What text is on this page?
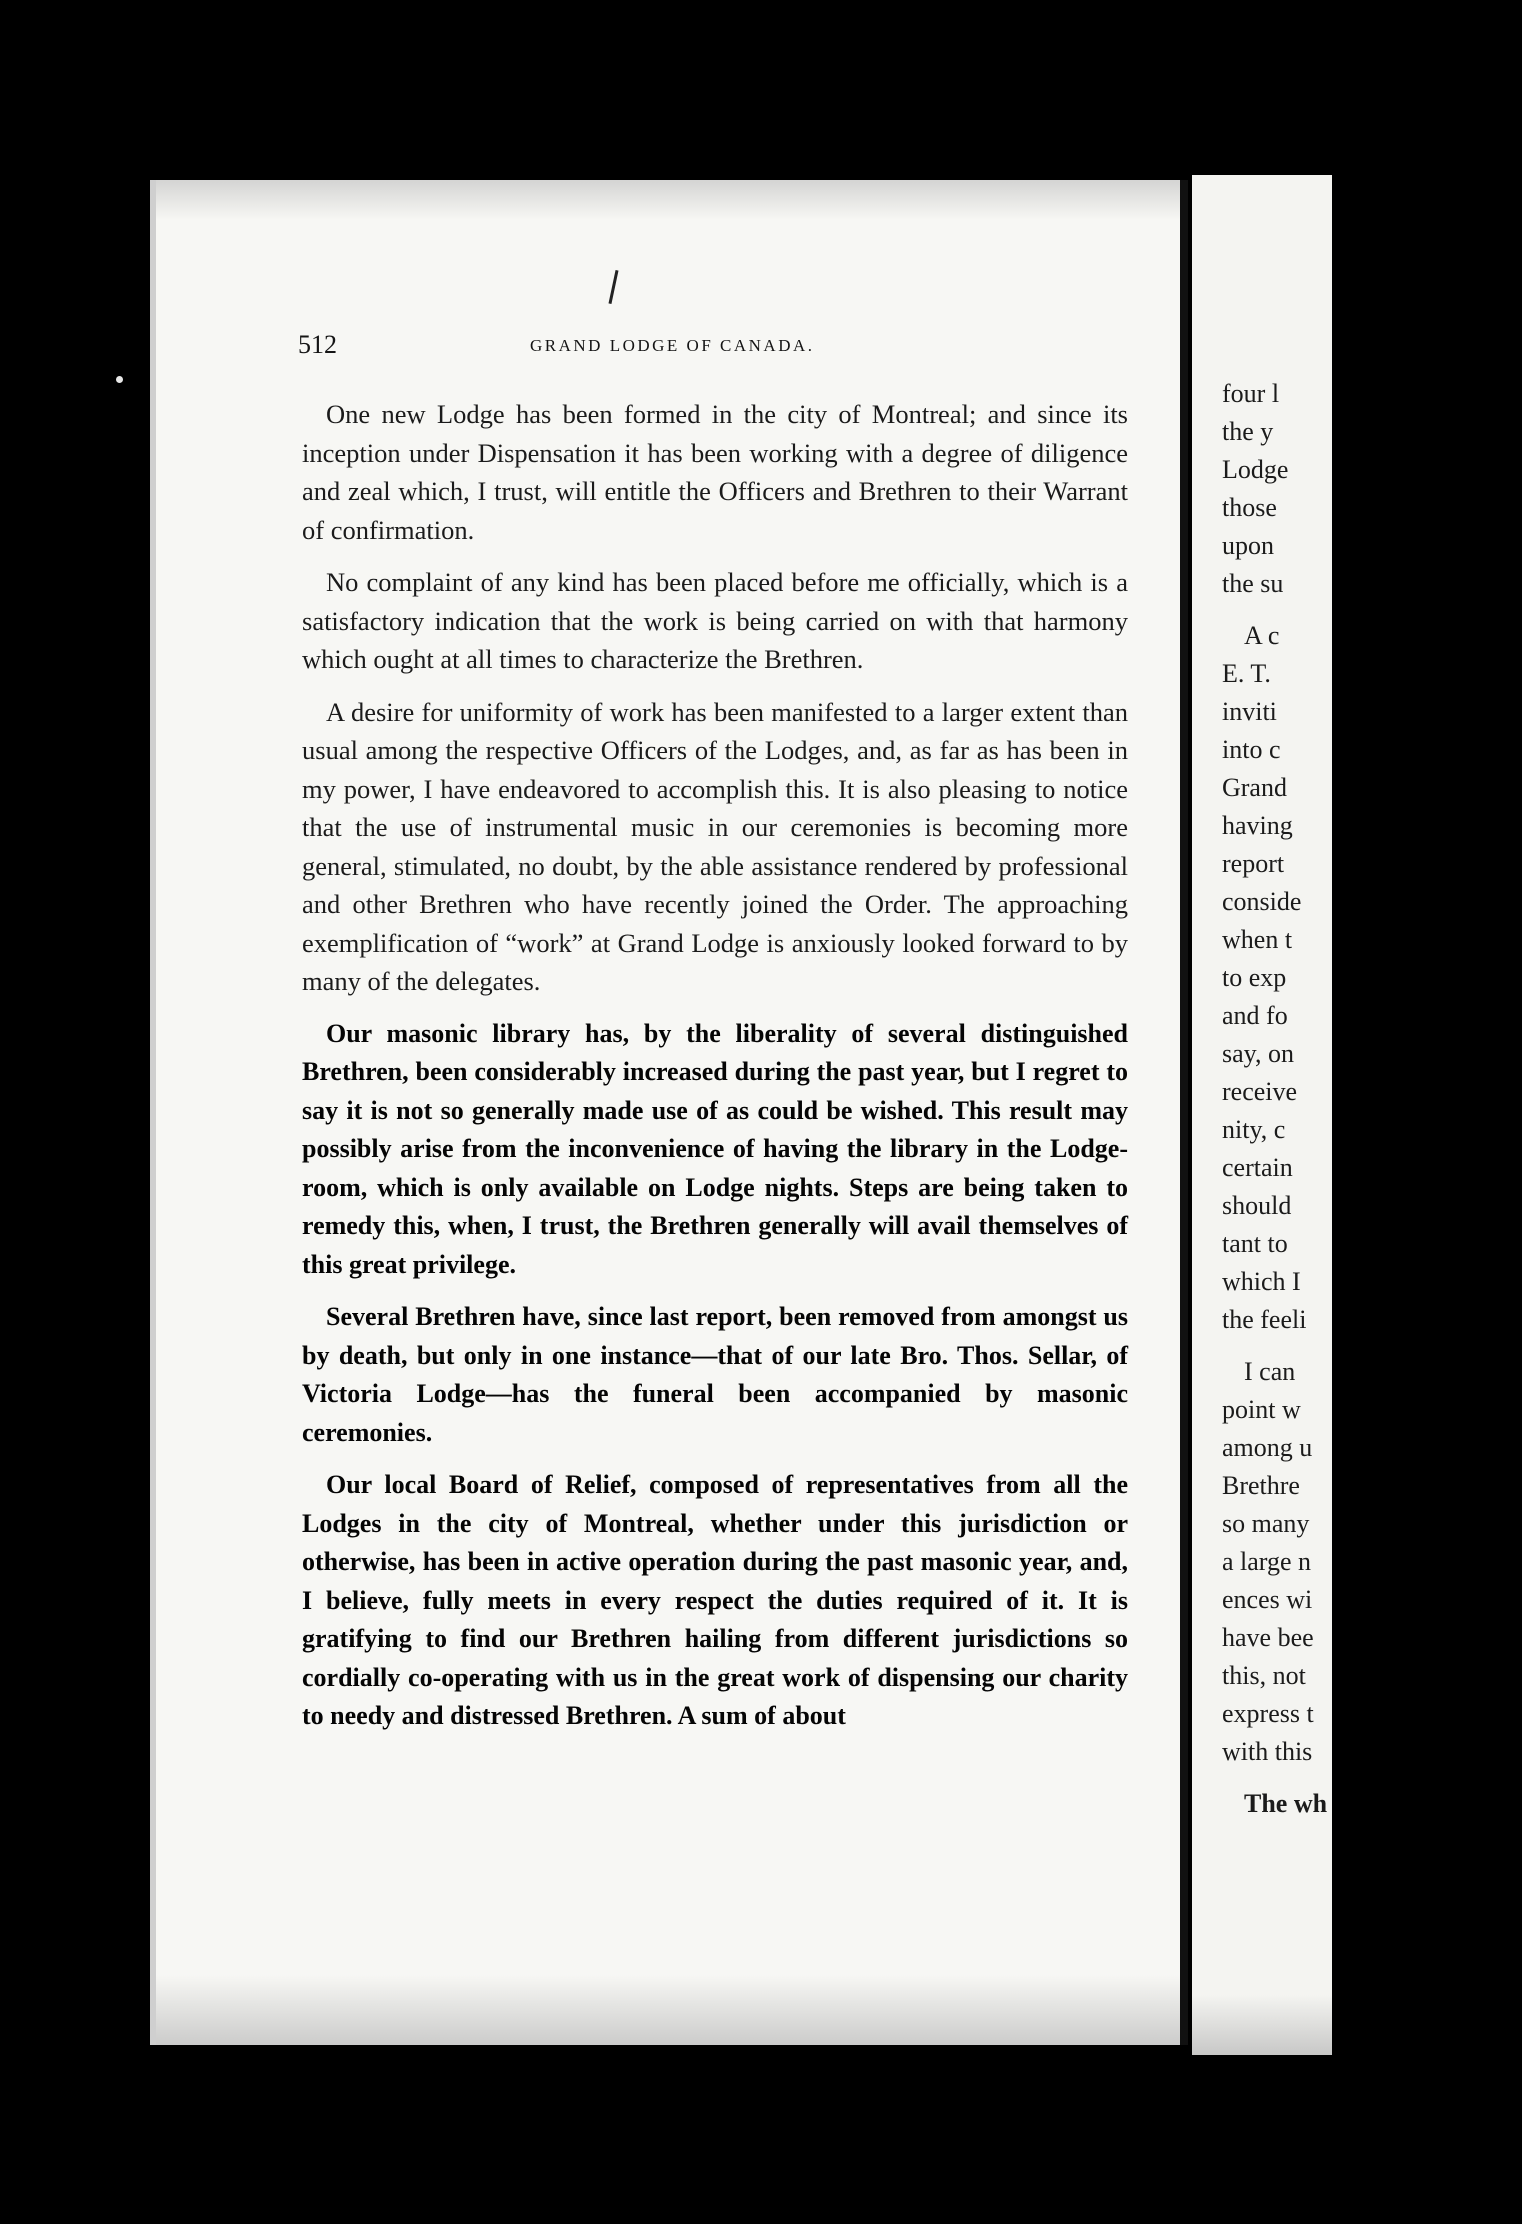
512	GRAND LODGE OF CANADA.

One new Lodge has been formed in the city of Montreal; and since its inception under Dispensation it has been working with a degree of diligence and zeal which, I trust, will entitle the Officers and Brethren to their Warrant of confirmation.

No complaint of any kind has been placed before me officially, which is a satisfactory indication that the work is being carried on with that harmony which ought at all times to characterize the Brethren.

A desire for uniformity of work has been manifested to a larger extent than usual among the respective Officers of the Lodges, and, as far as has been in my power, I have endeavored to accomplish this. It is also pleasing to notice that the use of instrumental music in our ceremonies is becoming more general, stimulated, no doubt, by the able assistance rendered by professional and other Brethren who have recently joined the Order. The approaching exemplification of “work” at Grand Lodge is anxiously looked forward to by many of the delegates.

Our masonic library has, by the liberality of several distinguished Brethren, been considerably increased during the past year, but I regret to say it is not so generally made use of as could be wished. This result may possibly arise from the inconvenience of having the library in the Lodge-room, which is only available on Lodge nights. Steps are being taken to remedy this, when, I trust, the Brethren generally will avail themselves of this great privilege.

Several Brethren have, since last report, been removed from amongst us by death, but only in one instance—that of our late Bro. Thos. Sellar, of Victoria Lodge—has the funeral been accompanied by masonic ceremonies.

Our local Board of Relief, composed of representatives from all the Lodges in the city of Montreal, whether under this jurisdiction or otherwise, has been in active operation during the past masonic year, and, I believe, fully meets in every respect the duties required of it. It is gratifying to find our Brethren hailing from different jurisdictions so cordially co-operating with us in the great work of dispensing our charity to needy and distressed Brethren. A sum of about

four l
the y
Lodge
those
upon
the su
A c
E. T.
inviti
into c
Grand
having
report
conside
when t
to exp
and fo
say, on
receive
nity, c
certain
should
tant to
which I
the feeli
I can
point w
among u
Brethre
so many
a large n
ences wi
have bee
this, not
express t
with this
The wh
